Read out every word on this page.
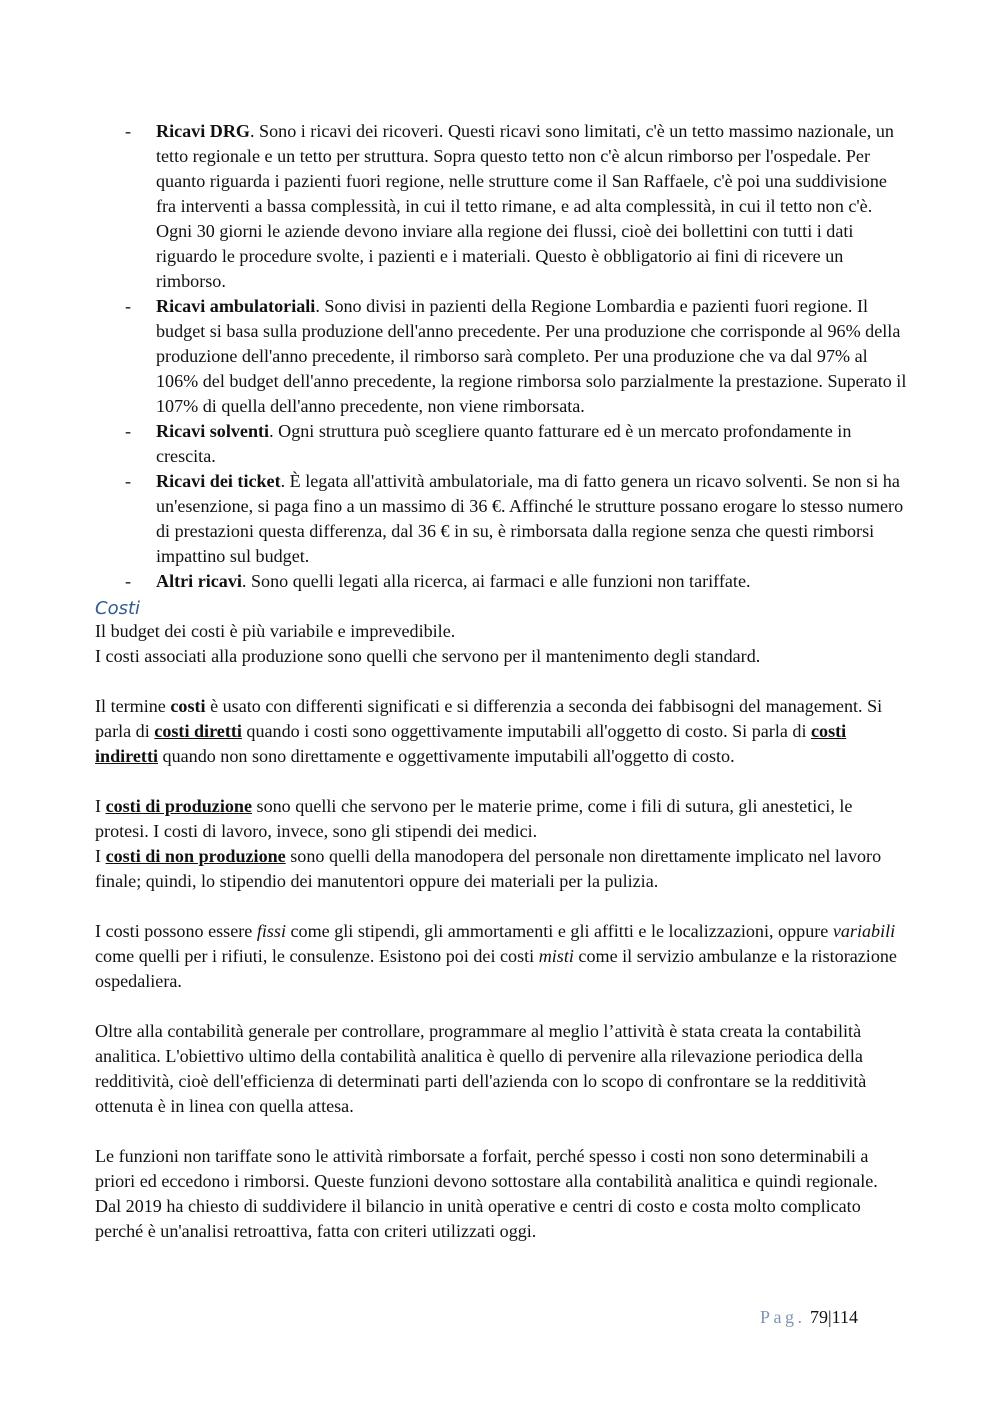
- Ricavi DRG. Sono i ricavi dei ricoveri. Questi ricavi sono limitati, c'è un tetto massimo nazionale, un tetto regionale e un tetto per struttura. Sopra questo tetto non c'è alcun rimborso per l'ospedale. Per quanto riguarda i pazienti fuori regione, nelle strutture come il San Raffaele, c'è poi una suddivisione fra interventi a bassa complessità, in cui il tetto rimane, e ad alta complessità, in cui il tetto non c'è. Ogni 30 giorni le aziende devono inviare alla regione dei flussi, cioè dei bollettini con tutti i dati riguardo le procedure svolte, i pazienti e i materiali. Questo è obbligatorio ai fini di ricevere un rimborso.
- Ricavi ambulatoriali. Sono divisi in pazienti della Regione Lombardia e pazienti fuori regione. Il budget si basa sulla produzione dell'anno precedente. Per una produzione che corrisponde al 96% della produzione dell'anno precedente, il rimborso sarà completo. Per una produzione che va dal 97% al 106% del budget dell'anno precedente, la regione rimborsa solo parzialmente la prestazione. Superato il 107% di quella dell'anno precedente, non viene rimborsata.
- Ricavi solventi. Ogni struttura può scegliere quanto fatturare ed è un mercato profondamente in crescita.
- Ricavi dei ticket. È legata all'attività ambulatoriale, ma di fatto genera un ricavo solventi. Se non si ha un'esenzione, si paga fino a un massimo di 36 €. Affinché le strutture possano erogare lo stesso numero di prestazioni questa differenza, dal 36 € in su, è rimborsata dalla regione senza che questi rimborsi impattino sul budget.
- Altri ricavi. Sono quelli legati alla ricerca, ai farmaci e alle funzioni non tariffate.
Costi

Il budget dei costi è più variabile e imprevedibile.

I costi associati alla produzione sono quelli che servono per il mantenimento degli standard.

Il termine costi è usato con differenti significati e si differenzia a seconda dei fabbisogni del management. Si parla di costi diretti quando i costi sono oggettivamente imputabili all'oggetto di costo. Si parla di costi indiretti quando non sono direttamente e oggettivamente imputabili all'oggetto di costo.

I costi di produzione sono quelli che servono per le materie prime, come i fili di sutura, gli anestetici, le protesi. I costi di lavoro, invece, sono gli stipendi dei medici.

I costi di non produzione sono quelli della manodopera del personale non direttamente implicato nel lavoro finale; quindi, lo stipendio dei manutentori oppure dei materiali per la pulizia.

I costi possono essere fissi come gli stipendi, gli ammortamenti e gli affitti e le localizzazioni, oppure variabili come quelli per i rifiuti, le consulenze. Esistono poi dei costi misti come il servizio ambulanze e la ristorazione ospedaliera.

Oltre alla contabilità generale per controllare, programmare al meglio l’attività è stata creata la contabilità analitica. L'obiettivo ultimo della contabilità analitica è quello di pervenire alla rilevazione periodica della redditività, cioè dell'efficienza di determinati parti dell'azienda con lo scopo di confrontare se la redditività ottenuta è in linea con quella attesa.

Le funzioni non tariffate sono le attività rimborsate a forfait, perché spesso i costi non sono determinabili a priori ed eccedono i rimborsi. Queste funzioni devono sottostare alla contabilità analitica e quindi regionale. Dal 2019 ha chiesto di suddividere il bilancio in unità operative e centri di costo e costa molto complicato perché è un'analisi retroattiva, fatta con criteri utilizzati oggi.

Pag. 79|114
